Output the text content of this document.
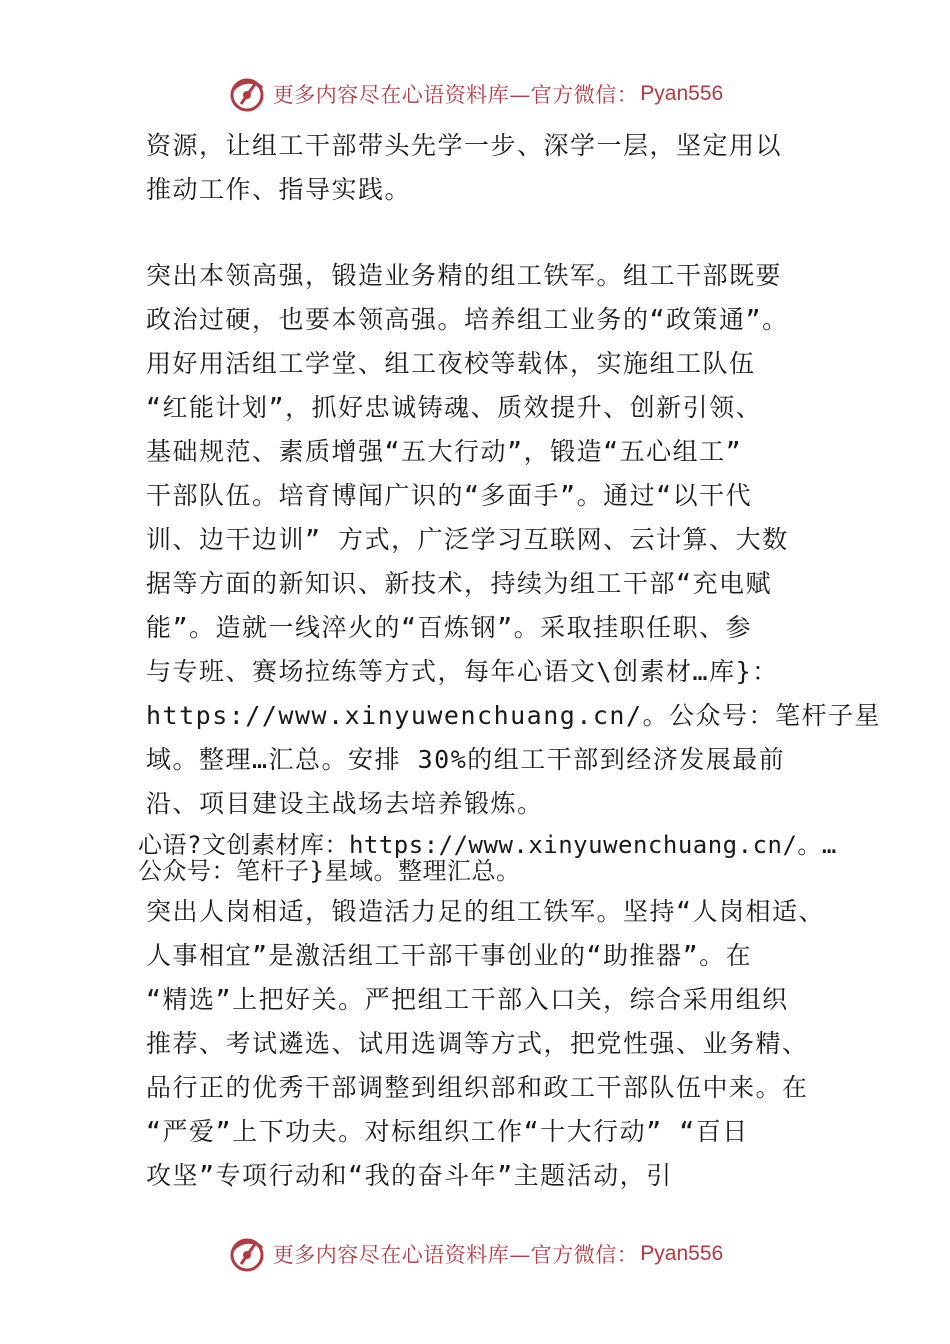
更多内容尽在心语资料库—官方微信： Pyan556
资源，让组工干部带头先学一步、深学一层，坚定用以
推动工作、指导实践。
突出本领高强，锻造业务精的组工铁军。组工干部既要
政治过硬，也要本领高强。培养组工业务的“政策通”。
用好用活组工学堂、组工夜校等载体，实施组工队伍
“红能计划”，抓好忠诚铸魂、质效提升、创新引领、
基础规范、素质增强“五大行动”，锻造“五心组工”
干部队伍。培育博闻广识的“多面手”。通过“以干代
训、边干边训” 方式，广泛学习互联网、云计算、大数
据等方面的新知识、新技术，持续为组工干部“充电赋
能”。造就一线淬火的“百炼钢”。采取挂职任职、参
与专班、赛场拉练等方式，每年心语文\创素材…库}：
https://www.xinyuwenchuang.cn/。公众号：笔杆子星
域。整理…汇总。安排 30%的组工干部到经济发展最前
沿、项目建设主战场去培养锻炼。
心语?文创素材库：https://www.xinyuwenchuang.cn/。…
公众号：笔杆子}星域。整理汇总。
突出人岗相适，锻造活力足的组工铁军。坚持“人岗相适、
人事相宜”是激活组工干部干事创业的“助推器”。在
“精选”上把好关。严把组工干部入口关，综合采用组织
推荐、考试遴选、试用选调等方式，把党性强、业务精、
品行正的优秀干部调整到组织部和政工干部队伍中来。在
“严爱”上下功夫。对标组织工作“十大行动” “百日
攻坚”专项行动和“我的奋斗年”主题活动，引
更多内容尽在心语资料库—官方微信： Pyan556
